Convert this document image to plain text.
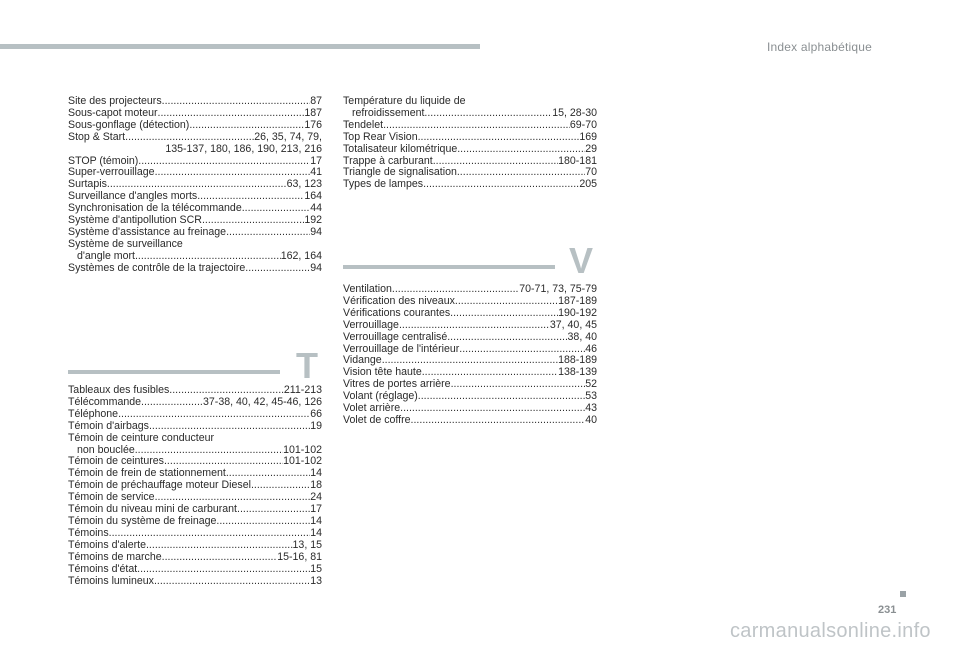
Index alphabétique
Site des projecteurs .....	87
Sous-capot moteur .....	187
Sous-gonflage (détection) .....	176
Stop & Start .....	26, 35, 74, 79,
135-137, 180, 186, 190, 213, 216
STOP (témoin) .....	17
Super-verrouillage .....	41
Surtapis .....	63, 123
Surveillance d'angles morts .....	164
Synchronisation de la télécommande .....	44
Système d'antipollution SCR .....	192
Système d'assistance au freinage .....	94
Système de surveillance
d'angle mort .....	162, 164
Systèmes de contrôle de la trajectoire .....	94
T
Tableaux des fusibles .....	211-213
Télécommande .....	37-38, 40, 42, 45-46, 126
Téléphone .....	66
Témoin d'airbags .....	19
Témoin de ceinture conducteur
non bouclée .....	101-102
Témoin de ceintures .....	101-102
Témoin de frein de stationnement .....	14
Témoin de préchauffage moteur Diesel .....	18
Témoin de service .....	24
Témoin du niveau mini de carburant .....	17
Témoin du système de freinage .....	14
Témoins .....	14
Témoins d'alerte .....	13, 15
Témoins de marche .....	15-16, 81
Témoins d'état .....	15
Témoins lumineux .....	13
Température du liquide de
refroidissement .....	15, 28-30
Tendelet .....	69-70
Top Rear Vision .....	169
Totalisateur kilométrique .....	29
Trappe à carburant .....	180-181
Triangle de signalisation .....	70
Types de lampes .....	205
V
Ventilation .....	70-71, 73, 75-79
Vérification des niveaux .....	187-189
Vérifications courantes .....	190-192
Verrouillage .....	37, 40, 45
Verrouillage centralisé .....	38, 40
Verrouillage de l'intérieur .....	46
Vidange .....	188-189
Vision tête haute .....	138-139
Vitres de portes arrière .....	52
Volant (réglage) .....	53
Volet arrière .....	43
Volet de coffre .....	40
231
carmanualsonline.info
